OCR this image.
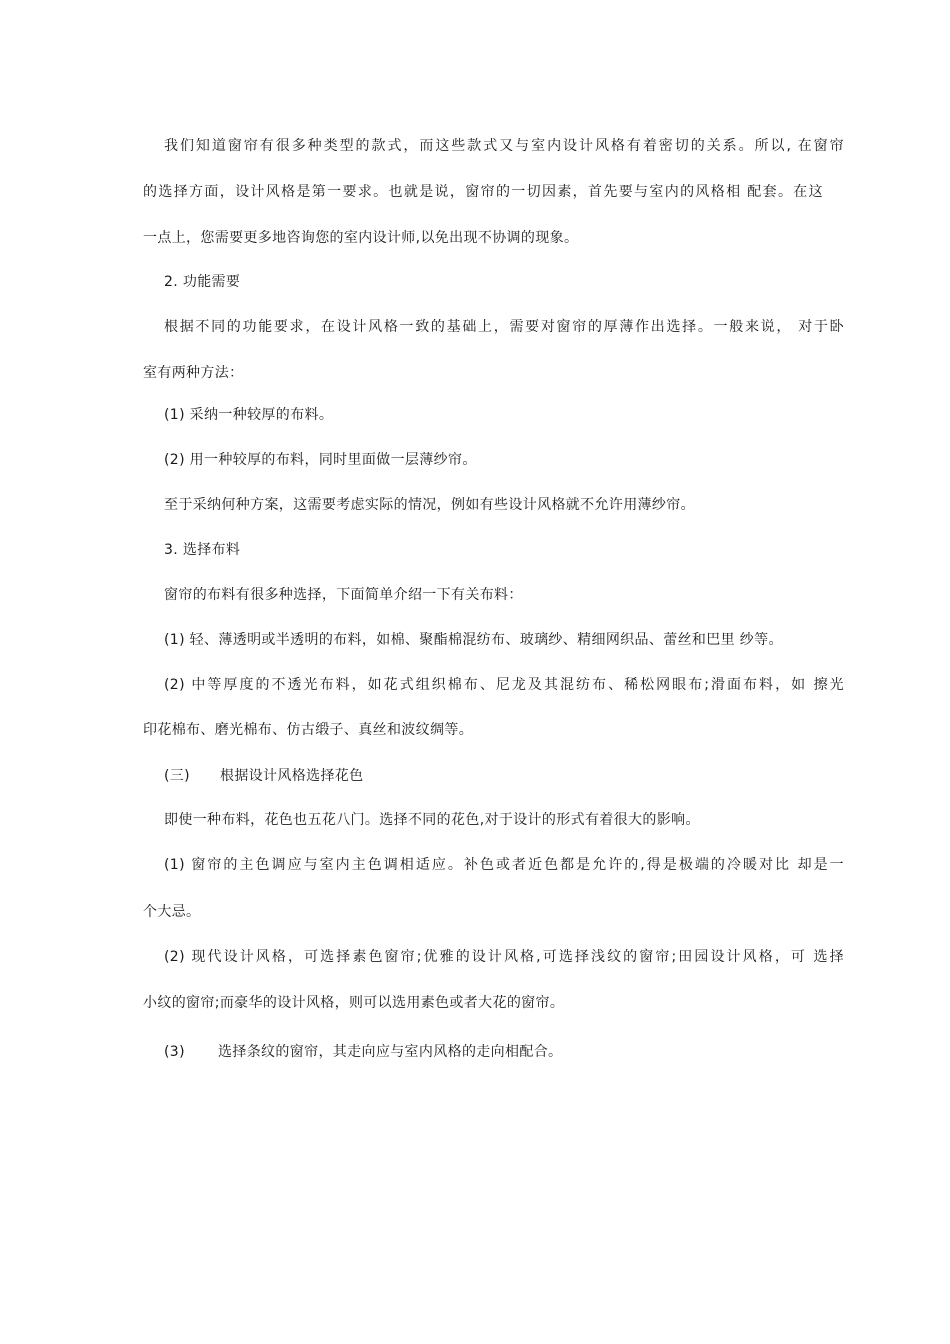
我们知道窗帘有很多种类型的款式，而这些款式又与室内设计风格有着密切的关系。所以, 在窗帘
的选择方面，设计风格是第一要求。也就是说，窗帘的一切因素，首先要与室内的风格相 配套。在这
一点上，您需要更多地咨询您的室内设计师,以免出现不协调的现象。
2. 功能需要
根据不同的功能要求，在设计风格一致的基础上，需要对窗帘的厚薄作出选择。一般来说， 对于卧
室有两种方法：
(1) 采纳一种较厚的布料。
(2) 用一种较厚的布料，同时里面做一层薄纱帘。
至于采纳何种方案，这需要考虑实际的情况，例如有些设计风格就不允许用薄纱帘。
3. 选择布料
窗帘的布料有很多种选择，下面简单介绍一下有关布料：
(1) 轻、薄透明或半透明的布料，如棉、聚酯棉混纺布、玻璃纱、精细网织品、蕾丝和巴里 纱等。
(2) 中等厚度的不透光布料，如花式组织棉布、尼龙及其混纺布、稀松网眼布;滑面布料，如 擦光
印花棉布、磨光棉布、仿古缎子、真丝和波纹绸等。
(三)	根据设计风格选择花色
即使一种布料，花色也五花八门。选择不同的花色,对于设计的形式有着很大的影响。
(1) 窗帘的主色调应与室内主色调相适应。补色或者近色都是允许的,得是极端的冷暖对比 却是一
个大忌。
(2) 现代设计风格，可选择素色窗帘;优雅的设计风格,可选择浅纹的窗帘;田园设计风格，可 选择
小纹的窗帘;而豪华的设计风格，则可以选用素色或者大花的窗帘。
(3)	选择条纹的窗帘，其走向应与室内风格的走向相配合。
